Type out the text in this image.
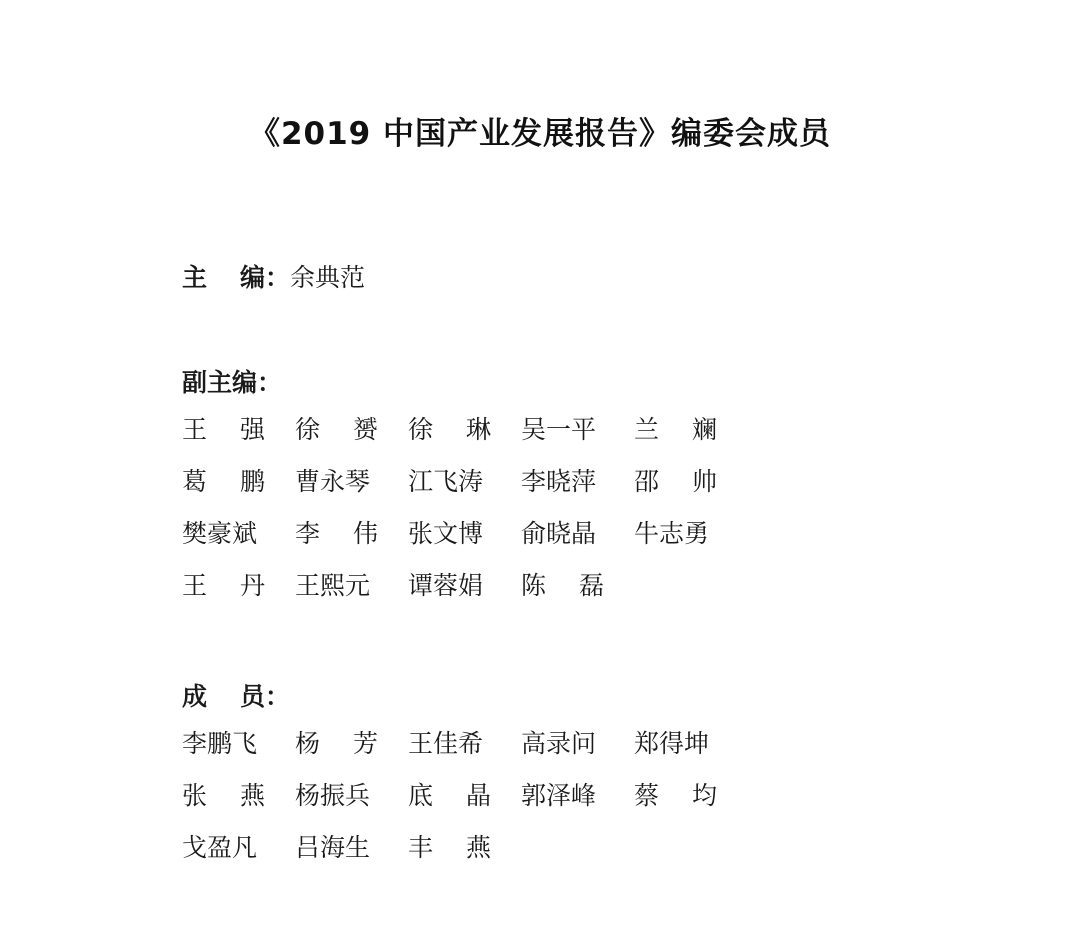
《2019 中国产业发展报告》编委会成员
主 编：余典范
副主编：
王 强	徐 赟	徐 琳	吴一平	兰 斓
葛 鹏	曹永琴	江飞涛	李晓萍	邵 帅
樊豪斌	李 伟	张文博	俞晓晶	牛志勇
王 丹	王熙元	谭蓉娟	陈 磊
成 员：
李鹏飞	杨 芳	王佳希	高录问	郑得坤
张 燕	杨振兵	底 晶	郭泽峰	蔡 均
戈盈凡	吕海生	丰 燕
